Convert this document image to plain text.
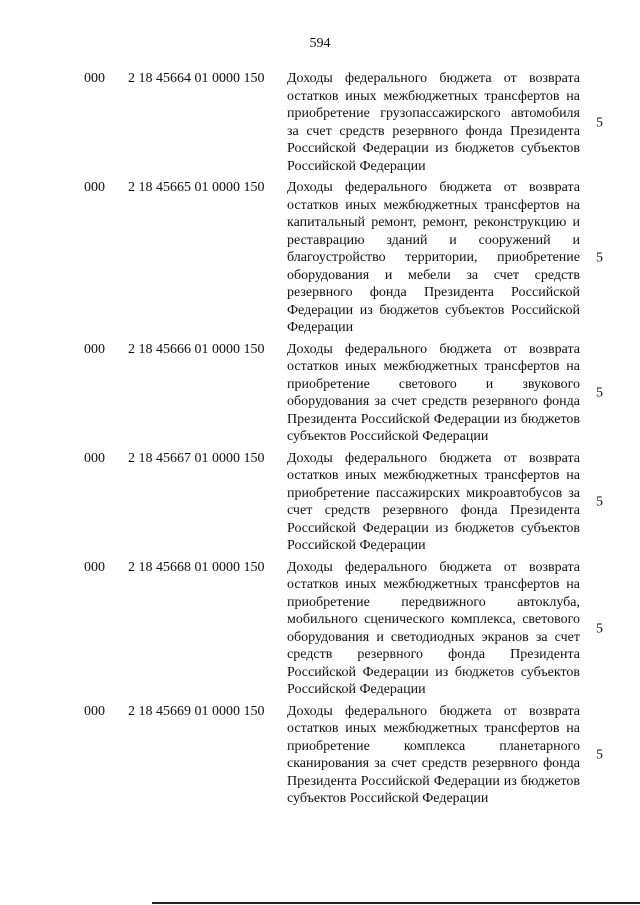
594
000 2 18 45664 01 0000 150 Доходы федерального бюджета от возврата остатков иных межбюджетных трансфертов на приобретение грузопассажирского автомобиля за счет средств резервного фонда Президента Российской Федерации из бюджетов субъектов Российской Федерации
5
000 2 18 45665 01 0000 150 Доходы федерального бюджета от возврата остатков иных межбюджетных трансфертов на капитальный ремонт, ремонт, реконструкцию и реставрацию зданий и сооружений и благоустройство территории, приобретение оборудования и мебели за счет средств резервного фонда Президента Российской Федерации из бюджетов субъектов Российской Федерации
5
000 2 18 45666 01 0000 150 Доходы федерального бюджета от возврата остатков иных межбюджетных трансфертов на приобретение светового и звукового оборудования за счет средств резервного фонда Президента Российской Федерации из бюджетов субъектов Российской Федерации
5
000 2 18 45667 01 0000 150 Доходы федерального бюджета от возврата остатков иных межбюджетных трансфертов на приобретение пассажирских микроавтобусов за счет средств резервного фонда Президента Российской Федерации из бюджетов субъектов Российской Федерации
5
000 2 18 45668 01 0000 150 Доходы федерального бюджета от возврата остатков иных межбюджетных трансфертов на приобретение передвижного автоклуба, мобильного сценического комплекса, светового оборудования и светодиодных экранов за счет средств резервного фонда Президента Российской Федерации из бюджетов субъектов Российской Федерации
5
000 2 18 45669 01 0000 150 Доходы федерального бюджета от возврата остатков иных межбюджетных трансфертов на приобретение комплекса планетарного сканирования за счет средств резервного фонда Президента Российской Федерации из бюджетов субъектов Российской Федерации
5
